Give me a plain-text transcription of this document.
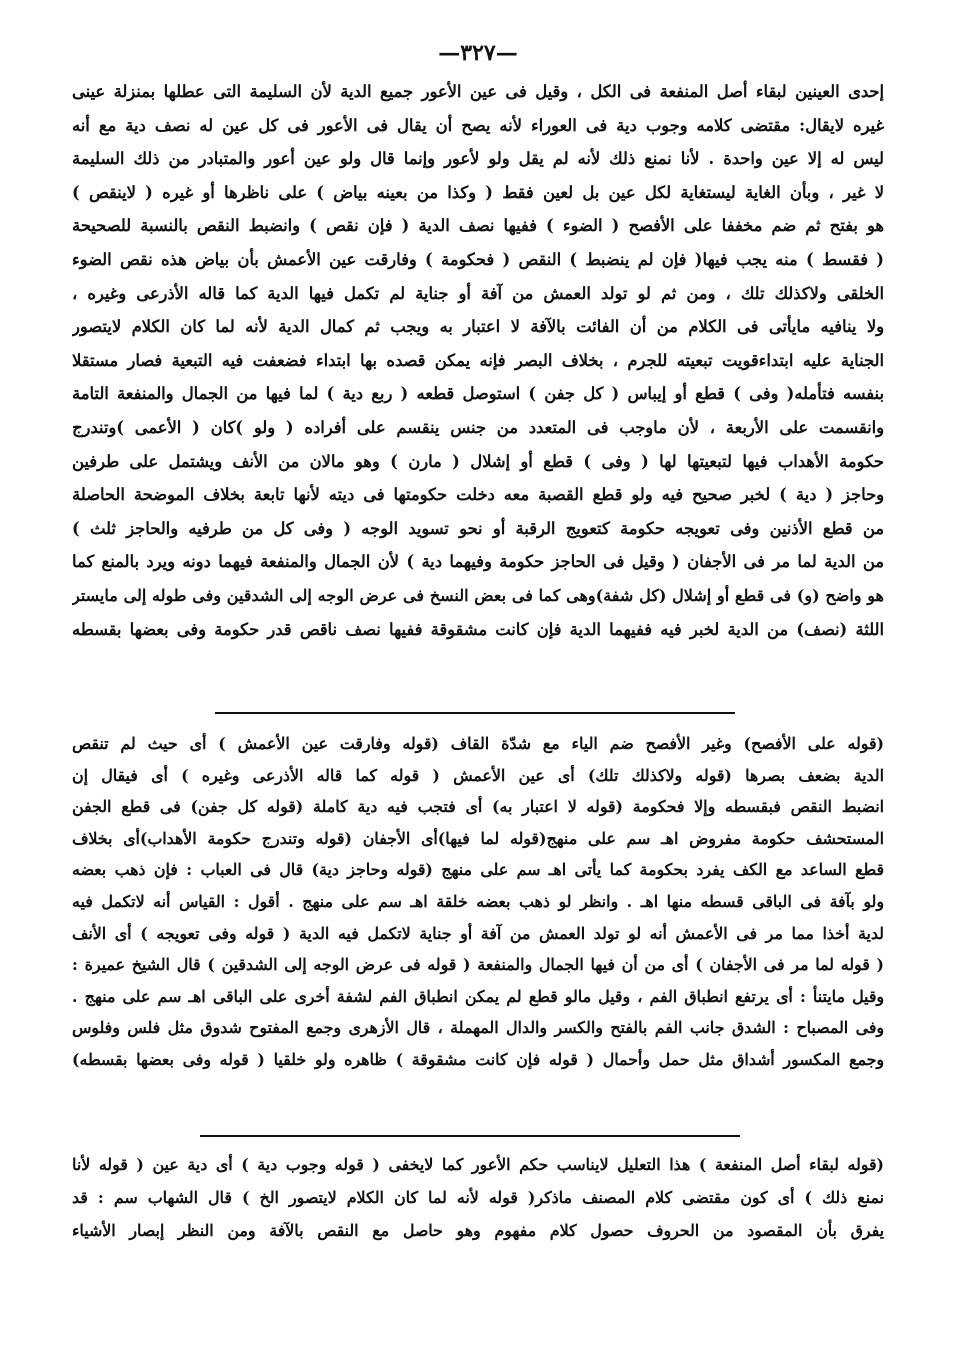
—٣٢٧—
إحدى العينين لبقاء أصل المنفعة فى الكل ، وقيل فى عين الأعور جميع الدية لأن السليمة التى عطلها بمنزلة عينى
غيره لايقال: مقتضى كلامه وجوب دية فى العوراء لأنه يصح أن يقال فى الأعور فى كل عين له نصف دية مع أنه
ليس له إلا عين واحدة . لأنا نمنع ذلك لأنه لم يقل ولو لأعور وإنما قال ولو عين أعور والمتبادر من ذلك السليمة
لا غير ، وبأن الغاية ليستغاية لكل عين بل لعين فقط ( وكذا من بعينه بياض ) على ناظرها أو غيره ( لاينقص )
هو بفتح ثم ضم مخففا على الأفصح ( الضوء ) ففيها نصف الدية ( فإن نقص ) وانضبط النقص بالنسبة للصحيحة
( فقسط ) منه يجب فيها( فإن لم ينضبط ) النقص ( فحكومة ) وفارقت عين الأعمش بأن بياض هذه نقص الضوء
الخلقى ولاكذلك تلك ، ومن ثم لو تولد العمش من آفة أو جناية لم تكمل فيها الدية كما قاله الأذرعى وغيره ،
ولا ينافيه مايأتى فى الكلام من أن الفائت بالآفة لا اعتبار به ويجب ثم كمال الدية لأنه لما كان الكلام لايتصور
الجناية عليه ابتداءقويت تبعيته للجرم ، بخلاف البصر فإنه يمكن قصده بها ابتداء فضعفت فيه التبعية فصار مستقلا
بنفسه فتأمله( وفى ) قطع أو إيباس ( كل جفن ) استوصل قطعه ( ربع دية ) لما فيها من الجمال والمنفعة التامة
وانقسمت على الأربعة ، لأن ماوجب فى المتعدد من جنس ينقسم على أفراده ( ولو )كان ( الأعمى )وتندرج
حكومة الأهداب فيها لتبعيتها لها ( وفى ) قطع أو إشلال ( مارن ) وهو مالان من الأنف ويشتمل على طرفين
وحاجز ( دية ) لخبر صحيح فيه ولو قطع القصبة معه دخلت حكومتها فى ديته لأنها تابعة بخلاف الموضحة الحاصلة
من قطع الأذنين وفى تعويجه حكومة كتعويج الرقبة أو نحو تسويد الوجه ( وفى كل من طرفيه والحاجز ثلث )
من الدية لما مر فى الأجفان ( وقيل فى الحاجز حكومة وفيهما دية ) لأن الجمال والمنفعة فيهما دونه ويرد بالمنع كما
هو واضح (و) فى قطع أو إشلال (كل شفة)وهى كما فى بعض النسخ فى عرض الوجه إلى الشدقين وفى طوله إلى مايستر
اللثة (نصف) من الدية لخبر فيه ففيهما الدية فإن كانت مشقوقة ففيها نصف ناقص قدر حكومة وفى بعضها بقسطه
(قوله على الأفصح) وغير الأفصح ضم الياء مع شدّة القاف (قوله وفارقت عين الأعمش ) أى حيث لم تنقص
الدية بضعف بصرها (قوله ولاكذلك تلك) أى عين الأعمش ( قوله كما قاله الأذرعى وغيره ) أى فيقال إن
انضبط النقص فبقسطه وإلا فحكومة (قوله لا اعتبار به) أى فتجب فيه دية كاملة (قوله كل جفن) فى قطع الجفن
المستحشف حكومة مفروض اهـ سم على منهج(قوله لما فيها)أى الأجفان (قوله وتندرج حكومة الأهداب)أى بخلاف
قطع الساعد مع الكف يفرد بحكومة كما يأتى اهـ سم على منهج (قوله وحاجز دية) قال فى العباب : فإن ذهب بعضه
ولو بآفة فى الباقى قسطه منها اهـ . وانظر لو ذهب بعضه خلقة اهـ سم على منهج . أقول : القياس أنه لاتكمل فيه
لدية أخذا مما مر فى الأعمش أنه لو تولد العمش من آفة أو جناية لاتكمل فيه الدية ( قوله وفى تعويجه ) أى الأنف
( قوله لما مر فى الأجفان ) أى من أن فيها الجمال والمنفعة ( قوله فى عرض الوجه إلى الشدقين ) قال الشيخ عميرة :
وقيل مايتنأ : أى يرتفع انطباق الفم ، وقيل مالو قطع لم يمكن انطباق الفم لشفة أخرى على الباقى اهـ سم على منهج .
وفى المصباح : الشدق جانب الفم بالفتح والكسر والدال المهملة ، قال الأزهرى وجمع المفتوح شدوق مثل فلس وفلوس
وجمع المكسور أشداق مثل حمل وأحمال ( قوله فإن كانت مشقوقة ) ظاهره ولو خلقيا ( قوله وفى بعضها بقسطه)
(قوله لبقاء أصل المنفعة ) هذا التعليل لايناسب حكم الأعور كما لايخفى ( قوله وجوب دية ) أى دية عين ( قوله لأنا
نمنع ذلك ) أى كون مقتضى كلام المصنف ماذكر( قوله لأنه لما كان الكلام لايتصور الخ ) قال الشهاب سم : قد
يفرق بأن المقصود من الحروف حصول كلام مفهوم وهو حاصل مع النقص بالآفة ومن النظر إبصار الأشياء
